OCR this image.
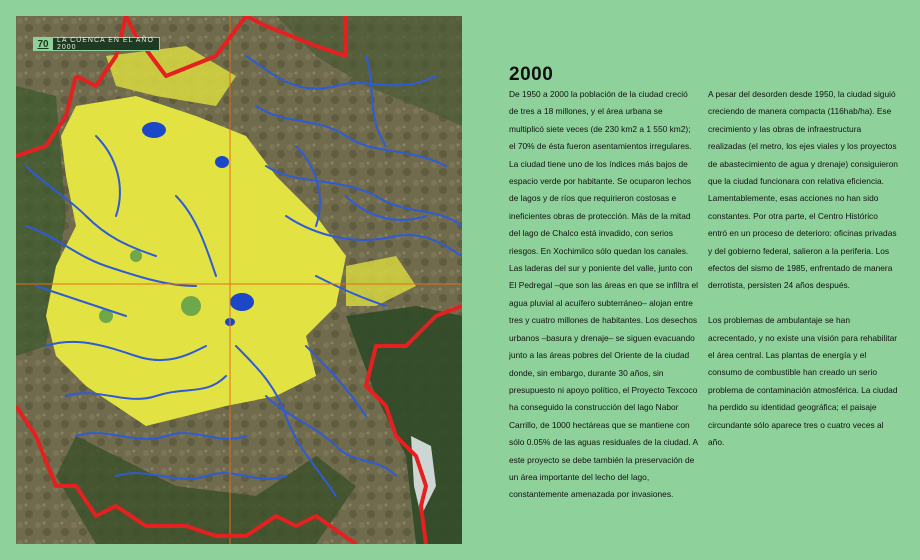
70	LA CUENCA EN EL AÑO 2000
2000

De 1950 a 2000 la población de la ciudad creció de tres a 18 millones, y el área urbana se multiplicó siete veces (de 230 km2 a 1 550 km2); el 70% de ésta fueron asentamientos irregulares. La ciudad tiene uno de los índices más bajos de espacio verde por habitante. Se ocuparon lechos de lagos y de ríos que requirieron costosas e ineficientes obras de protección. Más de la mitad del lago de Chalco está invadido, con serios riesgos. En Xochimilco sólo quedan los canales. Las laderas del sur y poniente del valle, junto con El Pedregal –que son las áreas en que se infiltra el agua pluvial al acuífero subterráneo– alojan entre tres y cuatro millones de habitantes. Los desechos urbanos –basura y drenaje– se siguen evacuando junto a las áreas pobres del Oriente de la ciudad donde, sin embargo, durante 30 años, sin presupuesto ni apoyo político, el Proyecto Texcoco ha conseguido la construcción del lago Nabor Carrillo, de 1000 hectáreas que se mantiene con sólo 0.05% de las aguas residuales de la ciudad. A este proyecto se debe también la preservación de un área importante del lecho del lago, constantemente amenazada por invasiones.

A pesar del desorden desde 1950, la ciudad siguió creciendo de manera compacta (116hab/ha). Ese crecimiento y las obras de infraestructura realizadas (el metro, los ejes viales y los proyectos de abastecimiento de agua y drenaje) consiguieron que la ciudad funcionara con relativa eficiencia. Lamentablemente, esas acciones no han sido constantes. Por otra parte, el Centro Histórico entró en un proceso de deterioro: oficinas privadas y del gobierno federal, salieron a la periferia. Los efectos del sismo de 1985, enfrentado de manera derrotista, persisten 24 años después.

Los problemas de ambulantaje se han acrecentado, y no existe una visión para rehabilitar el área central. Las plantas de energía y el consumo de combustible han creado un serio problema de contaminación atmosférica. La ciudad ha perdido su identidad geográfica; el paisaje circundante sólo aparece tres o cuatro veces al año.
